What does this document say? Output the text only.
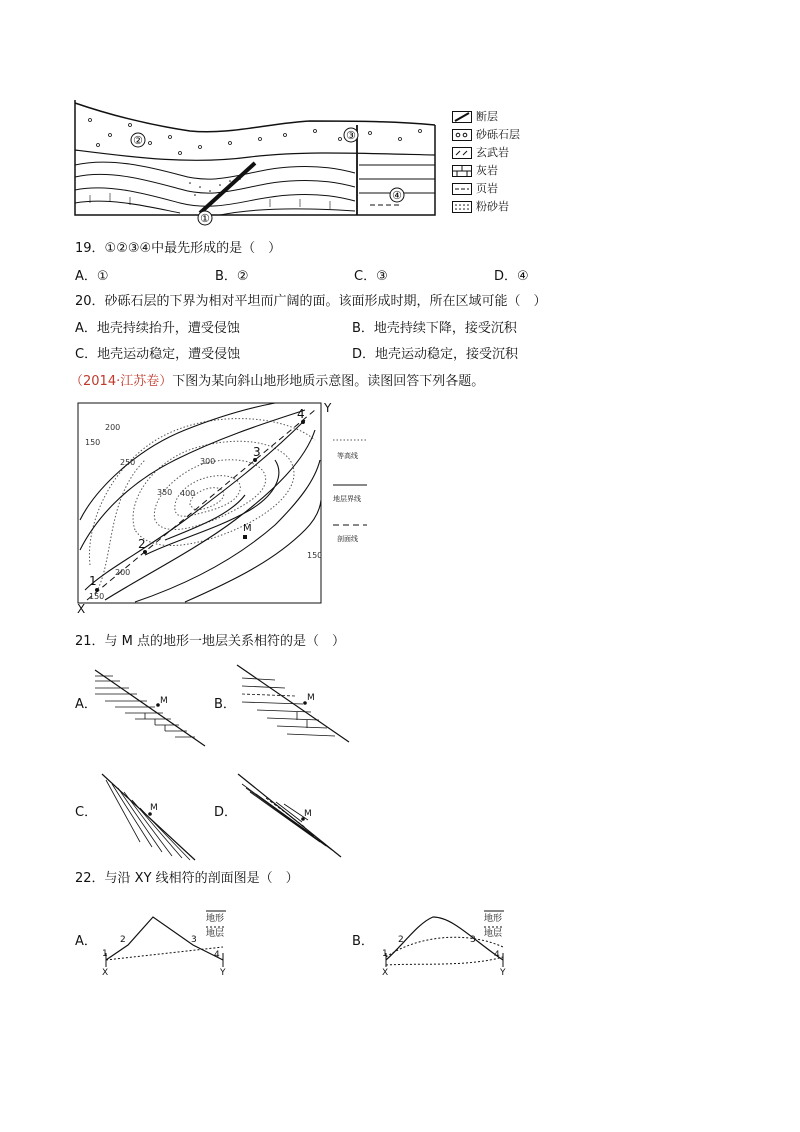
①
②	③
④
断层
砂砾石层
玄武岩
灰岩
页岩
粉砂岩
19．①②③④中最先形成的是（　）
A．①	B．②	C．③	D．④
20．砂砾石层的下界为相对平坦而广阔的面。该面形成时期，所在区域可能（　）
A．地壳持续抬升，遭受侵蚀	B．地壳持续下降，接受沉积
C．地壳运动稳定，遭受侵蚀	D．地壳运动稳定，接受沉积
（2014·江苏卷）下图为某向斜山地形地质示意图。读图回答下列各题。
150
200
250	300
350 400
200
150
150
1
2
3
4
M
X
Y
等高线
地层界线
剖面线
21．与 M 点的地形一地层关系相符的是（　）
A．	M	B．	M
C．	M	D．	M
22．与沿 XY 线相符的剖面图是（　）
A．
1
2	3
4
X	Y
地形
地层	B．
1
2	3
4
X	Y
地形
地层
